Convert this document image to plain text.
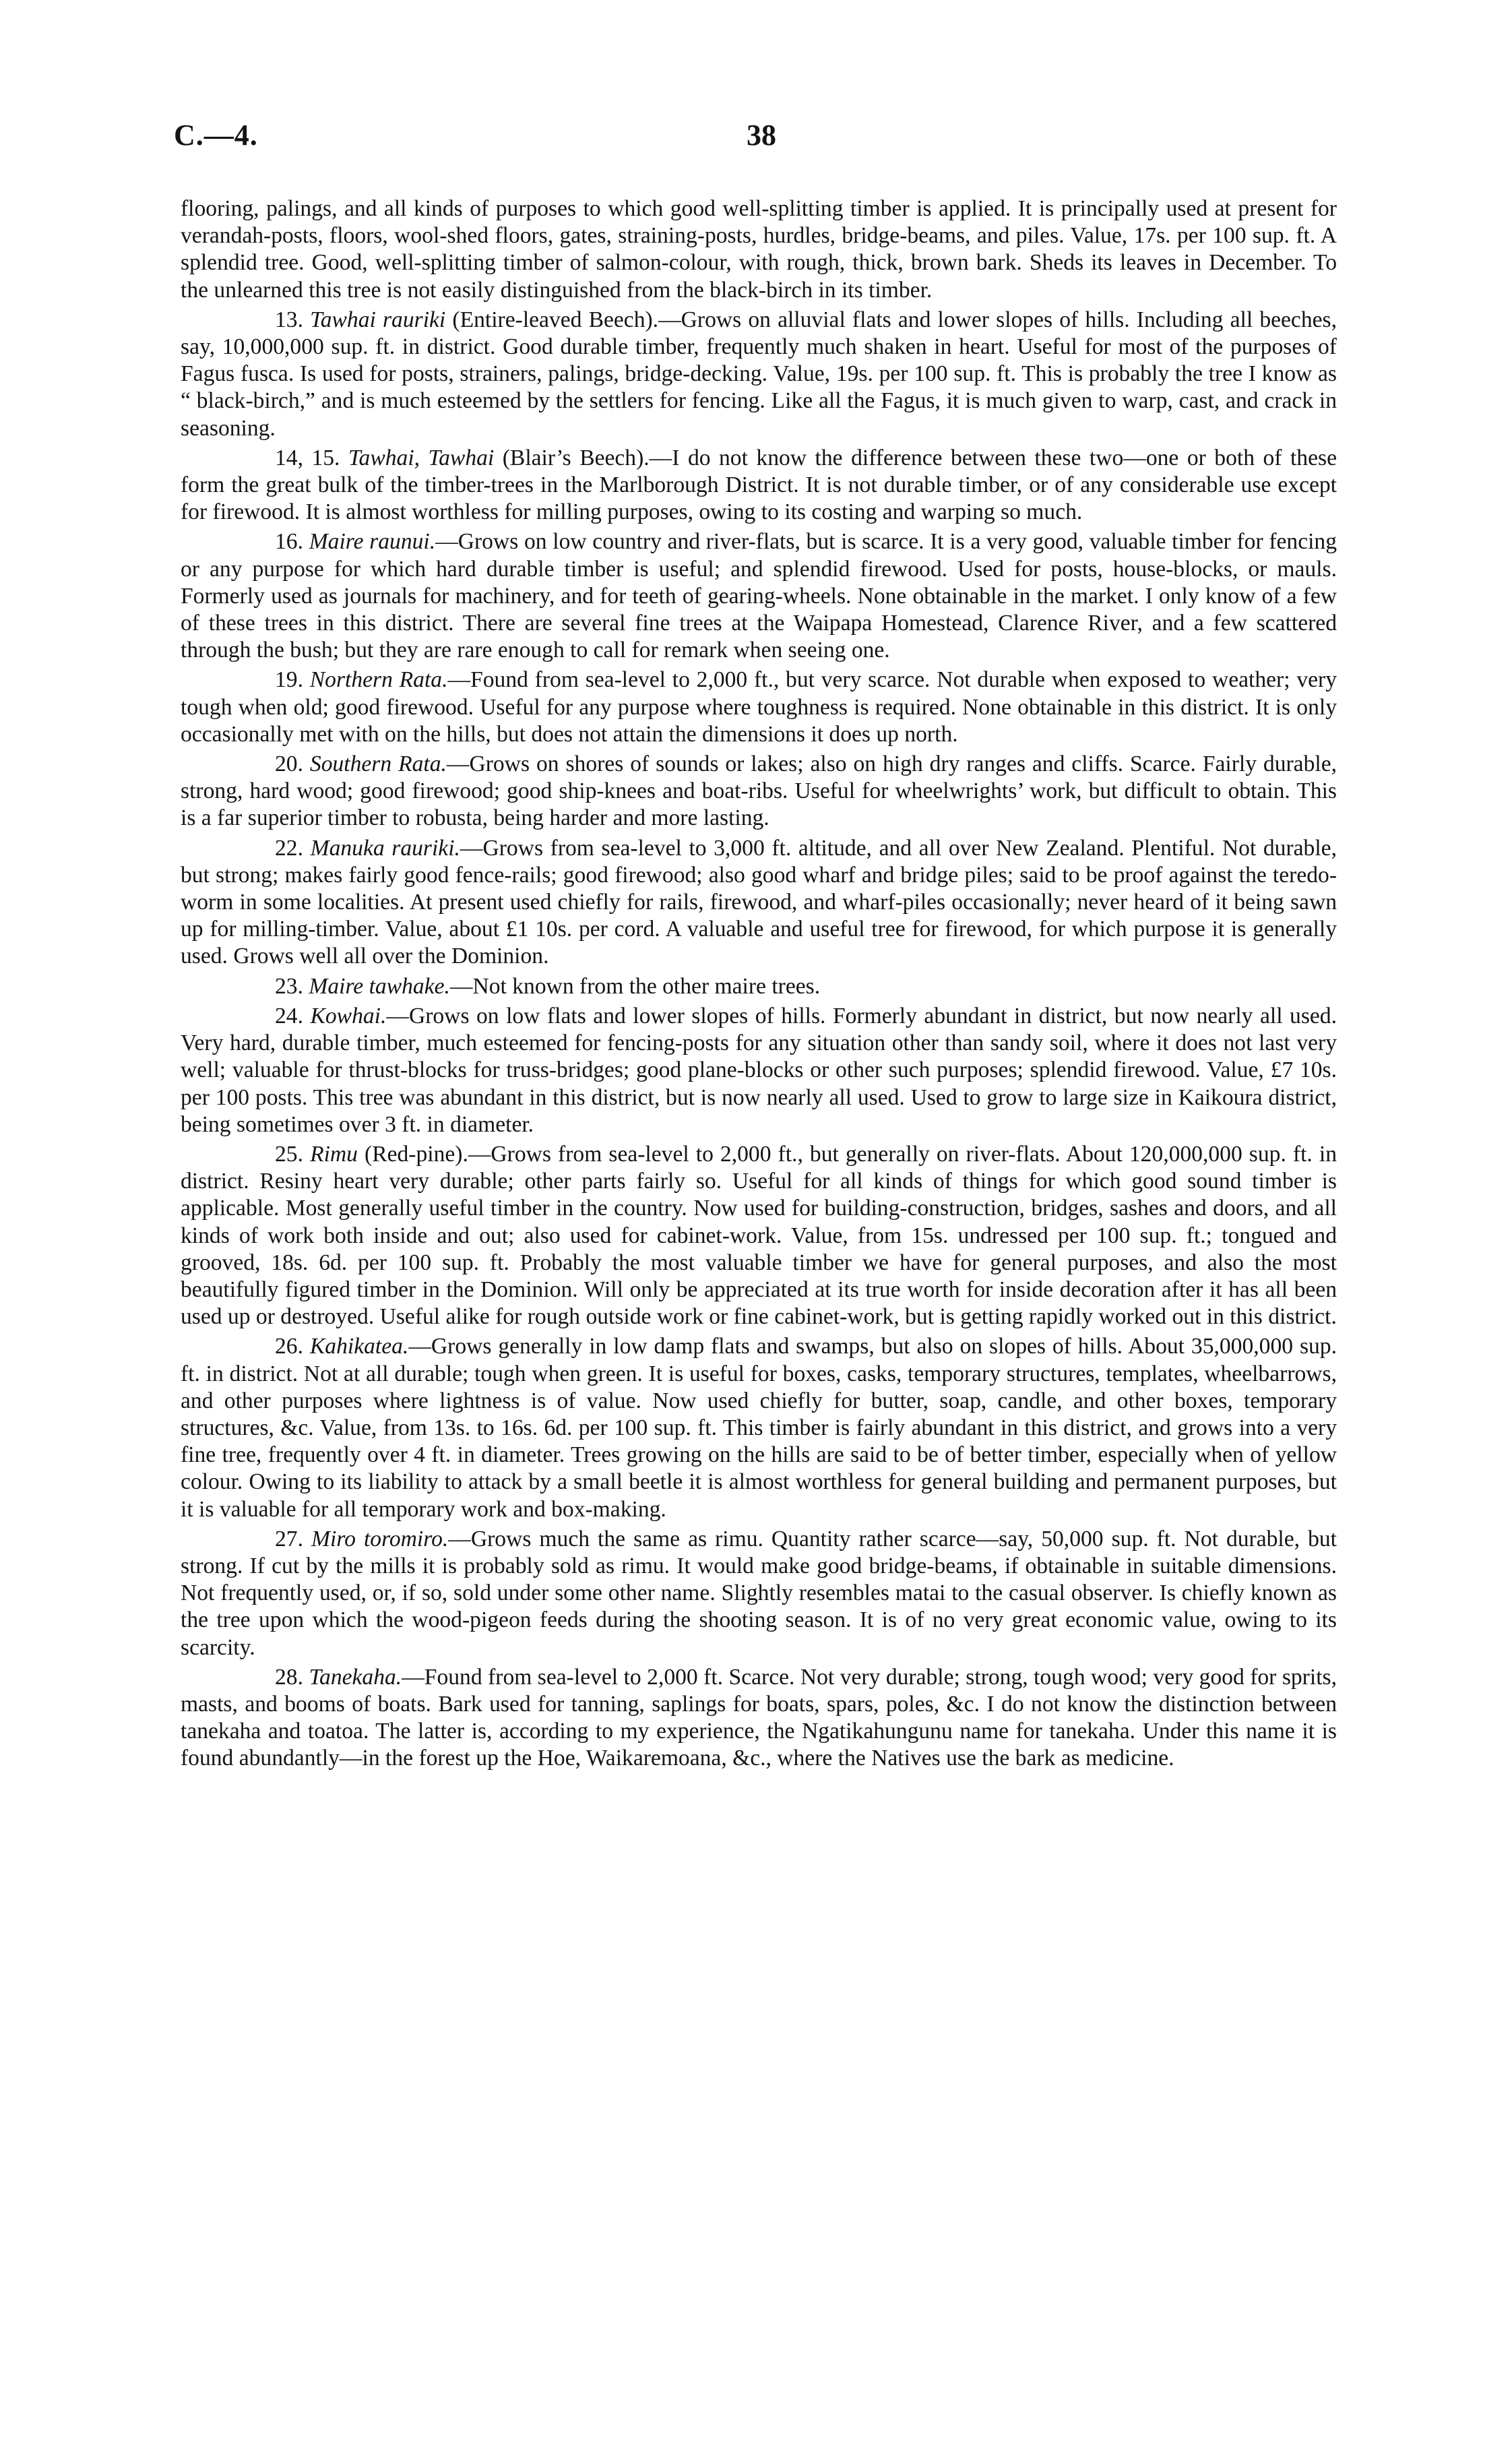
C.—4.	38

flooring, palings, and all kinds of purposes to which good well-splitting timber is applied. It is principally used at present for verandah-posts, floors, wool-shed floors, gates, straining-posts, hurdles, bridge-beams, and piles. Value, 17s. per 100 sup. ft. A splendid tree. Good, well-splitting timber of salmon-colour, with rough, thick, brown bark. Sheds its leaves in December. To the unlearned this tree is not easily distinguished from the black-birch in its timber.

13. Tawhai rauriki (Entire-leaved Beech).—Grows on alluvial flats and lower slopes of hills. Including all beeches, say, 10,000,000 sup. ft. in district. Good durable timber, frequently much shaken in heart. Useful for most of the purposes of Fagus fusca. Is used for posts, strainers, palings, bridge-decking. Value, 19s. per 100 sup. ft. This is probably the tree I know as “ black-birch,” and is much esteemed by the settlers for fencing. Like all the Fagus, it is much given to warp, cast, and crack in seasoning.

14, 15. Tawhai, Tawhai (Blair’s Beech).—I do not know the difference between these two—one or both of these form the great bulk of the timber-trees in the Marlborough District. It is not durable timber, or of any considerable use except for firewood. It is almost worthless for milling purposes, owing to its costing and warping so much.

16. Maire raunui.—Grows on low country and river-flats, but is scarce. It is a very good, valuable timber for fencing or any purpose for which hard durable timber is useful; and splendid firewood. Used for posts, house-blocks, or mauls. Formerly used as journals for machinery, and for teeth of gearing-wheels. None obtainable in the market. I only know of a few of these trees in this district. There are several fine trees at the Waipapa Homestead, Clarence River, and a few scattered through the bush; but they are rare enough to call for remark when seeing one.

19. Northern Rata.—Found from sea-level to 2,000 ft., but very scarce. Not durable when exposed to weather; very tough when old; good firewood. Useful for any purpose where toughness is required. None obtainable in this district. It is only occasionally met with on the hills, but does not attain the dimensions it does up north.

20. Southern Rata.—Grows on shores of sounds or lakes; also on high dry ranges and cliffs. Scarce. Fairly durable, strong, hard wood; good firewood; good ship-knees and boat-ribs. Useful for wheelwrights’ work, but difficult to obtain. This is a far superior timber to robusta, being harder and more lasting.

22. Manuka rauriki.—Grows from sea-level to 3,000 ft. altitude, and all over New Zealand. Plentiful. Not durable, but strong; makes fairly good fence-rails; good firewood; also good wharf and bridge piles; said to be proof against the teredo-worm in some localities. At present used chiefly for rails, firewood, and wharf-piles occasionally; never heard of it being sawn up for milling-timber. Value, about £1 10s. per cord. A valuable and useful tree for firewood, for which purpose it is generally used. Grows well all over the Dominion.

23. Maire tawhake.—Not known from the other maire trees.

24. Kowhai.—Grows on low flats and lower slopes of hills. Formerly abundant in district, but now nearly all used. Very hard, durable timber, much esteemed for fencing-posts for any situation other than sandy soil, where it does not last very well; valuable for thrust-blocks for truss-bridges; good plane-blocks or other such purposes; splendid firewood. Value, £7 10s. per 100 posts. This tree was abundant in this district, but is now nearly all used. Used to grow to large size in Kaikoura district, being sometimes over 3 ft. in diameter.

25. Rimu (Red-pine).—Grows from sea-level to 2,000 ft., but generally on river-flats. About 120,000,000 sup. ft. in district. Resiny heart very durable; other parts fairly so. Useful for all kinds of things for which good sound timber is applicable. Most generally useful timber in the country. Now used for building-construction, bridges, sashes and doors, and all kinds of work both inside and out; also used for cabinet-work. Value, from 15s. undressed per 100 sup. ft.; tongued and grooved, 18s. 6d. per 100 sup. ft. Probably the most valuable timber we have for general purposes, and also the most beautifully figured timber in the Dominion. Will only be appreciated at its true worth for inside decoration after it has all been used up or destroyed. Useful alike for rough outside work or fine cabinet-work, but is getting rapidly worked out in this district.

26. Kahikatea.—Grows generally in low damp flats and swamps, but also on slopes of hills. About 35,000,000 sup. ft. in district. Not at all durable; tough when green. It is useful for boxes, casks, temporary structures, templates, wheelbarrows, and other purposes where lightness is of value. Now used chiefly for butter, soap, candle, and other boxes, temporary structures, &c. Value, from 13s. to 16s. 6d. per 100 sup. ft. This timber is fairly abundant in this district, and grows into a very fine tree, frequently over 4 ft. in diameter. Trees growing on the hills are said to be of better timber, especially when of yellow colour. Owing to its liability to attack by a small beetle it is almost worthless for general building and permanent purposes, but it is valuable for all temporary work and box-making.

27. Miro toromiro.—Grows much the same as rimu. Quantity rather scarce—say, 50,000 sup. ft. Not durable, but strong. If cut by the mills it is probably sold as rimu. It would make good bridge-beams, if obtainable in suitable dimensions. Not frequently used, or, if so, sold under some other name. Slightly resembles matai to the casual observer. Is chiefly known as the tree upon which the wood-pigeon feeds during the shooting season. It is of no very great economic value, owing to its scarcity.

28. Tanekaha.—Found from sea-level to 2,000 ft. Scarce. Not very durable; strong, tough wood; very good for sprits, masts, and booms of boats. Bark used for tanning, saplings for boats, spars, poles, &c. I do not know the distinction between tanekaha and toatoa. The latter is, according to my experience, the Ngatikahungunu name for tanekaha. Under this name it is found abundantly—in the forest up the Hoe, Waikaremoana, &c., where the Natives use the bark as medicine.
